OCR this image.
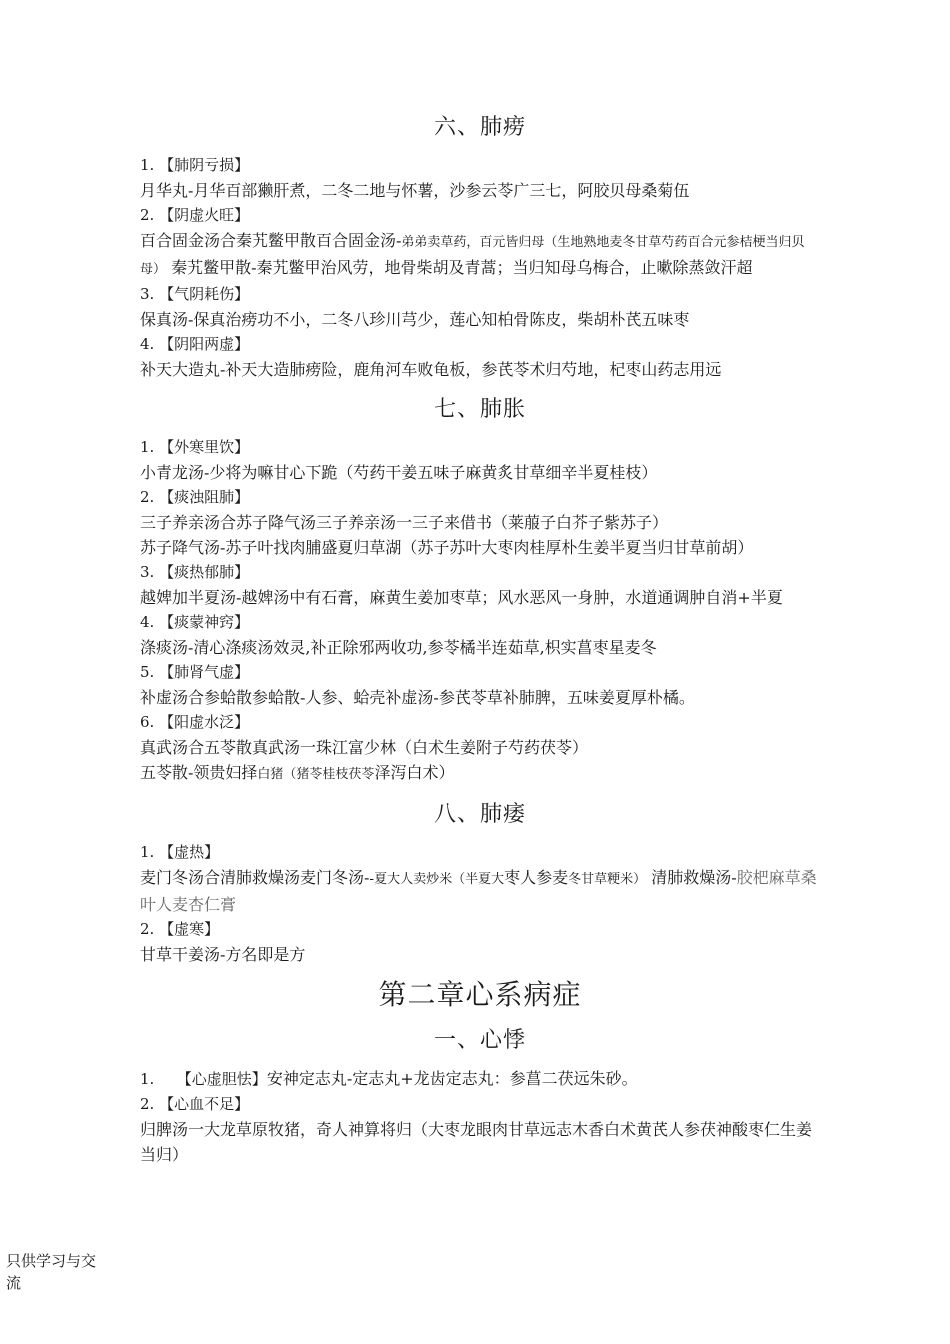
六、肺痨

1. 【肺阴亏损】

月华丸-月华百部獭肝煮，二冬二地与怀薯，沙参云苓广三七，阿胶贝母桑菊伍

2. 【阴虚火旺】

百合固金汤合秦艽鳖甲散百合固金汤-弟弟卖草药，百元皆归母（生地熟地麦冬甘草芍药百合元参桔梗当归贝母） 秦艽鳖甲散-秦艽鳖甲治风劳，地骨柴胡及青蒿；当归知母乌梅合，止嗽除蒸敛汗超

3. 【气阴耗伤】

保真汤-保真治痨功不小，二冬八珍川芎少，莲心知柏骨陈皮，柴胡朴芪五味枣

4. 【阴阳两虚】

补天大造丸-补天大造肺痨险，鹿角河车败龟板，参芪苓术归芍地，杞枣山药志用远

七、肺胀

1. 【外寒里饮】

小青龙汤-少将为嘛甘心下跪（芍药干姜五味子麻黄炙甘草细辛半夏桂枝）

2. 【痰浊阻肺】

三子养亲汤合苏子降气汤三子养亲汤一三子来借书（莱菔子白芥子紫苏子）

苏子降气汤-苏子叶找肉脯盛夏归草湖（苏子苏叶大枣肉桂厚朴生姜半夏当归甘草前胡）

3. 【痰热郁肺】

越婢加半夏汤-越婢汤中有石膏，麻黄生姜加枣草；风水恶风一身肿，水道通调肿自消+半夏

4. 【痰蒙神窍】

涤痰汤-清心涤痰汤效灵,补正除邪两收功,参苓橘半连茹草,枳实菖枣星麦冬

5. 【肺肾气虚】

补虚汤合参蛤散参蛤散-人参、蛤壳补虚汤-参芪苓草补肺脾，五味姜夏厚朴橘。

6. 【阳虚水泛】

真武汤合五苓散真武汤一珠江富少林（白术生姜附子芍药茯苓）

五苓散-领贵妇择白猪（猪苓桂枝茯苓泽泻白术）

八、肺痿

1. 【虚热】

麦门冬汤合清肺救燥汤麦门冬汤--夏大人卖炒米（半夏大枣人参麦冬甘草粳米） 清肺救燥汤-胶杷麻草桑叶人麦杏仁膏

2. 【虚寒】

甘草干姜汤-方名即是方

第二章心系病症
一、心悸

1.　　【心虚胆怯】安神定志丸-定志丸+龙齿定志丸：参菖二茯远朱砂。

2. 【心血不足】

归脾汤一大龙草原牧猪，奇人神算将归（大枣龙眼肉甘草远志木香白术黄芪人参茯神酸枣仁生姜当归）

只供学习与交
流
